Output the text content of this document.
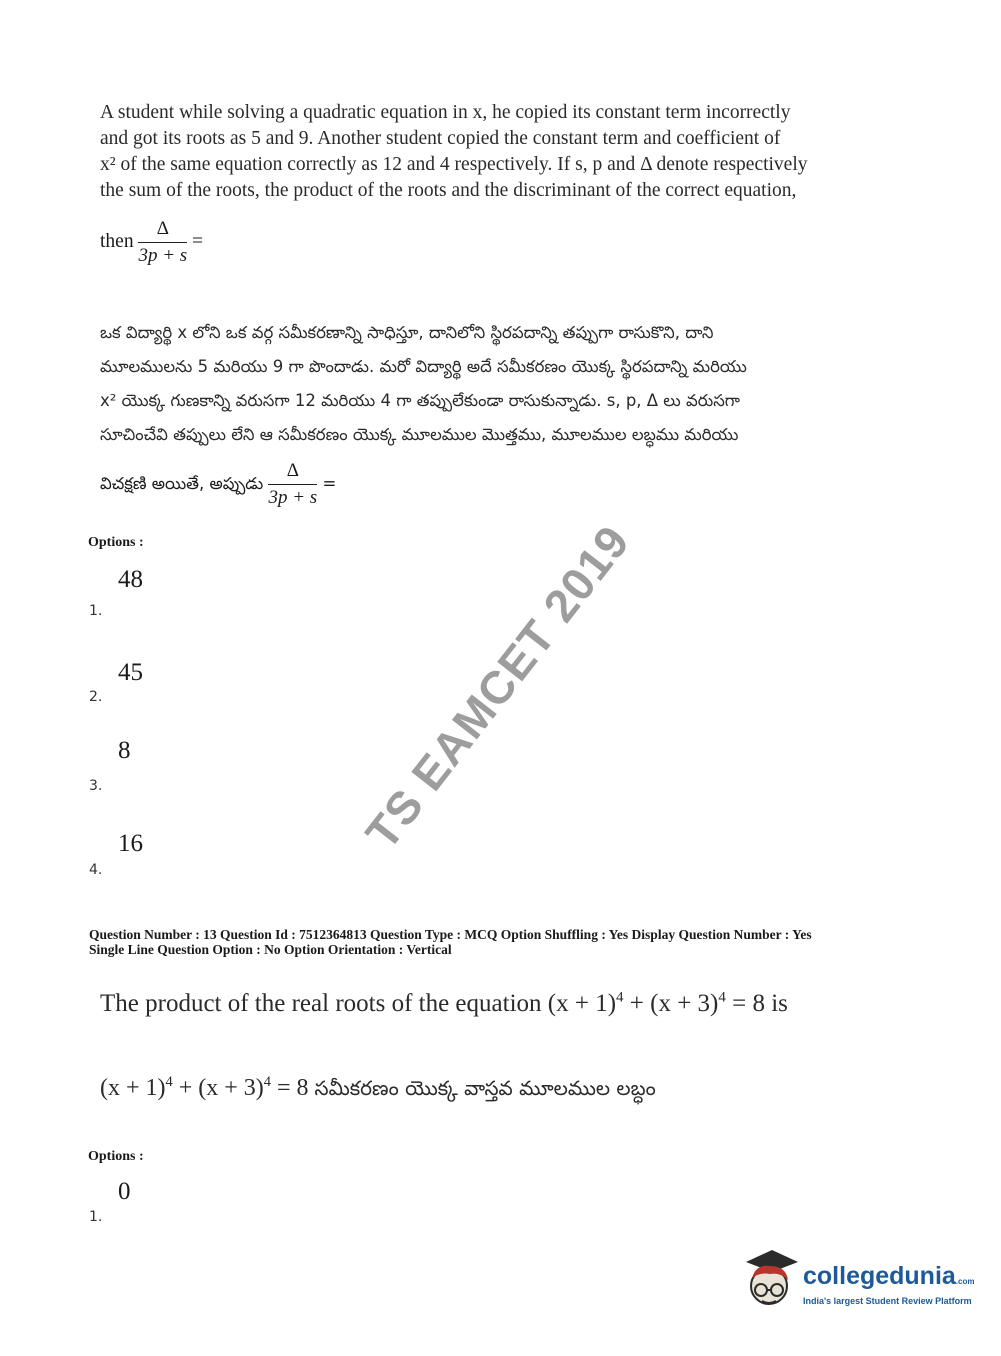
A student while solving a quadratic equation in x, he copied its constant term incorrectly

and got its roots as 5 and 9. Another student copied the constant term and coefficient of

x² of the same equation correctly as 12 and 4 respectively. If s, p and Δ denote respectively

the sum of the roots, the product of the roots and the discriminant of the correct equation,

then $\frac{\Delta}{3p + s}$ =

ఒక విద్యార్థి x లోని ఒక వర్గ సమీకరణాన్ని సాధిస్తూ, దానిలోని స్థిరపదాన్ని తప్పుగా రాసుకొని, దాని

మూలములను 5 మరియు 9 గా పొందాడు. మరో విద్యార్థి అదే సమీకరణం యొక్క స్థిరపదాన్ని మరియు

x² యొక్క గుణకాన్ని వరుసగా 12 మరియు 4 గా తప్పులేకుండా రాసుకున్నాడు. s, p, Δ లు వరుసగా

సూచించేవి తప్పులు లేని ఆ సమీకరణం యొక్క మూలముల మొత్తము, మూలముల లబ్ధము మరియు

విచక్షణి అయితే, అప్పుడు $\frac{\Delta}{3p + s}$ =
Options :
48
1.
45
2.
8
3.
16
4.

Question Number : 13 Question Id : 7512364813 Question Type : MCQ Option Shuffling : Yes Display Question Number : Yes

Single Line Question Option : No Option Orientation : Vertical

The product of the real roots of the equation $(x + 1)^4 + (x + 3)^4 = 8$ is
$(x + 1)^4 + (x + 3)^4 = 8$ సమీకరణం యొక్క వాస్తవ మూలముల లబ్ధం
Options :
0
1.
TS EAMCET 2019
collegedunia.com
India's largest Student Review Platform
